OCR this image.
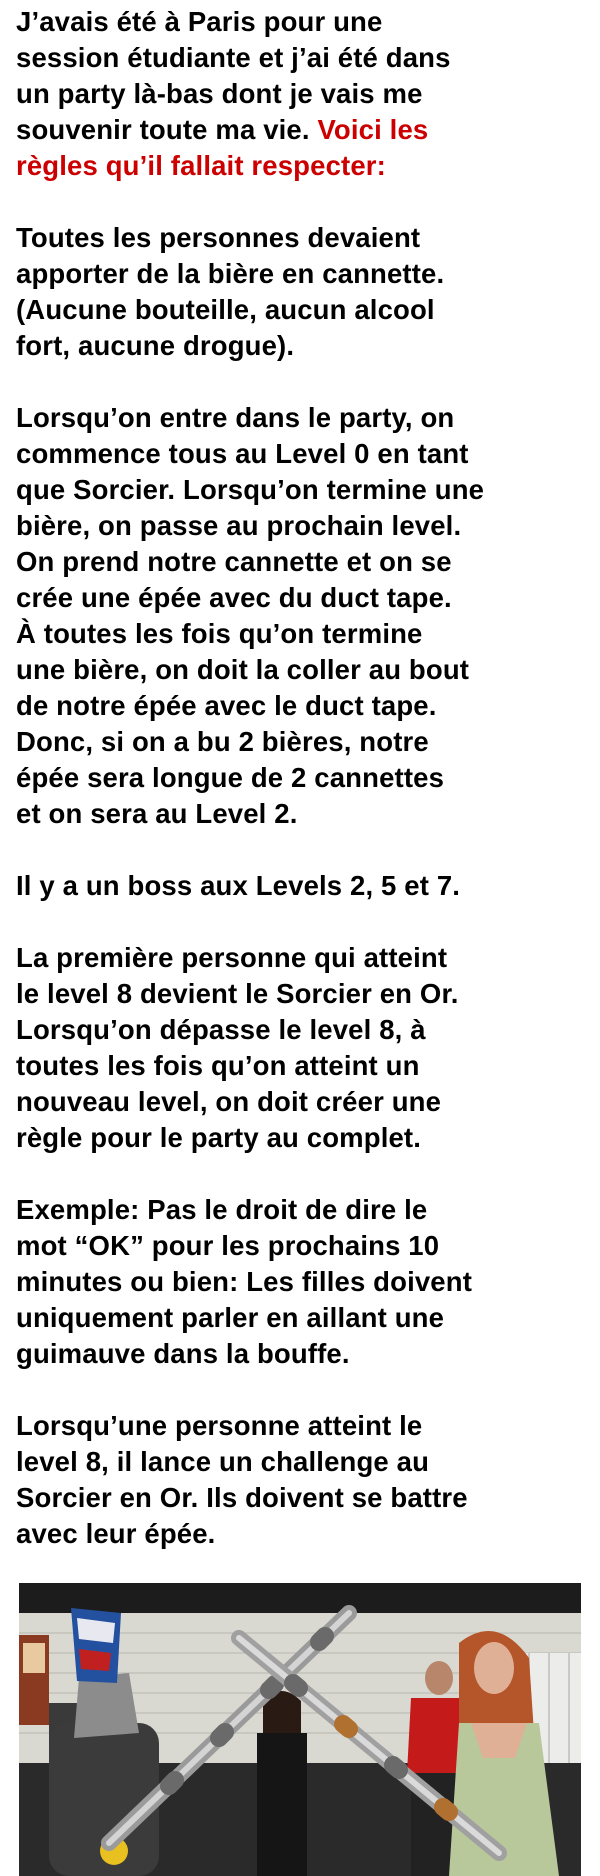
J’avais été à Paris pour une
session étudiante et j’ai été dans
un party là-bas dont je vais me
souvenir toute ma vie. Voici les
règles qu’il fallait respecter:

Toutes les personnes devaient
apporter de la bière en cannette.
(Aucune bouteille, aucun alcool
fort, aucune drogue).

Lorsqu’on entre dans le party, on
commence tous au Level 0 en tant
que Sorcier. Lorsqu’on termine une
bière, on passe au prochain level.
On prend notre cannette et on se
crée une épée avec du duct tape.
À toutes les fois qu’on termine
une bière, on doit la coller au bout
de notre épée avec le duct tape.
Donc, si on a bu 2 bières, notre
épée sera longue de 2 cannettes
et on sera au Level 2.

Il y a un boss aux Levels 2, 5 et 7.

La première personne qui atteint
le level 8 devient le Sorcier en Or.
Lorsqu’on dépasse le level 8, à
toutes les fois qu’on atteint un
nouveau level, on doit créer une
règle pour le party au complet.

Exemple: Pas le droit de dire le
mot “OK” pour les prochains 10
minutes ou bien: Les filles doivent
uniquement parler en aillant une
guimauve dans la bouffe.

Lorsqu’une personne atteint le
level 8, il lance un challenge au
Sorcier en Or. Ils doivent se battre
avec leur épée.
